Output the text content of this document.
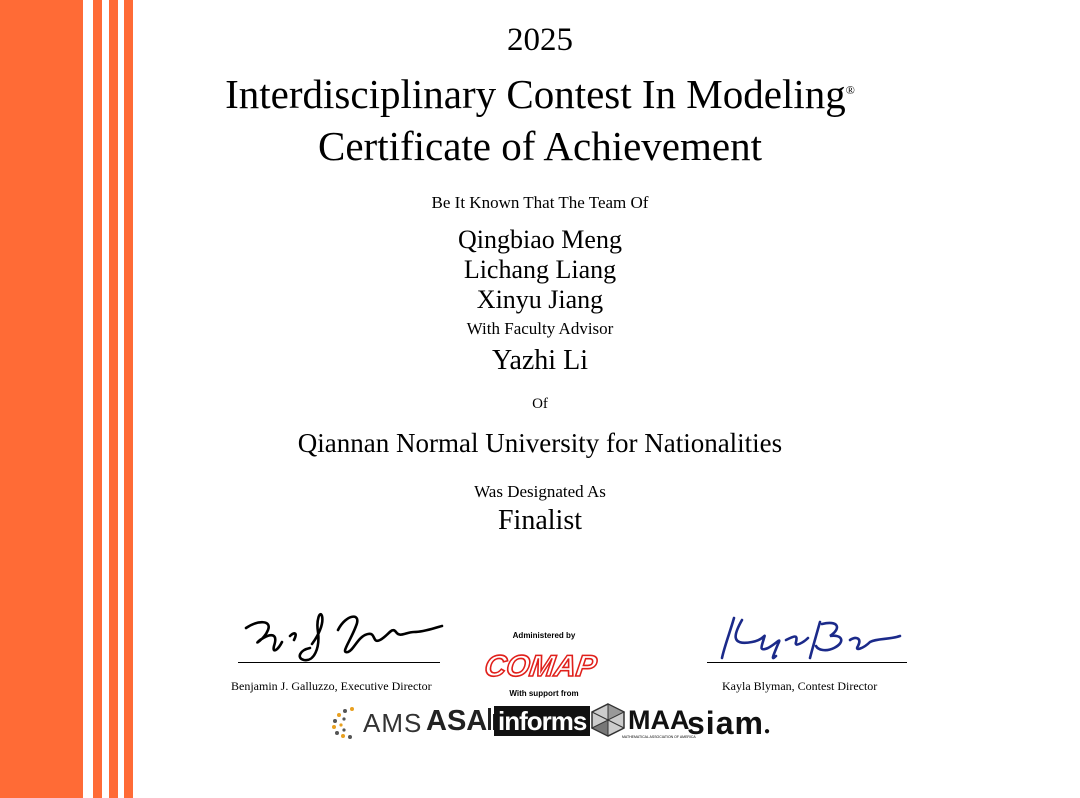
2025
Interdisciplinary Contest In Modeling®
Certificate of Achievement
Be It Known That The Team Of
Qingbiao Meng
Lichang Liang
Xinyu Jiang
With Faculty Advisor
Yazhi Li
Of
Qiannan Normal University for Nationalities
Was Designated As
Finalist
Benjamin J. Galluzzo, Executive Director	Kayla Blyman, Contest Director
Administered by
COMAP
With support from
AMS ASA informs MAA
MATHEMATICAL ASSOCIATION OF AMERICA
siam●
